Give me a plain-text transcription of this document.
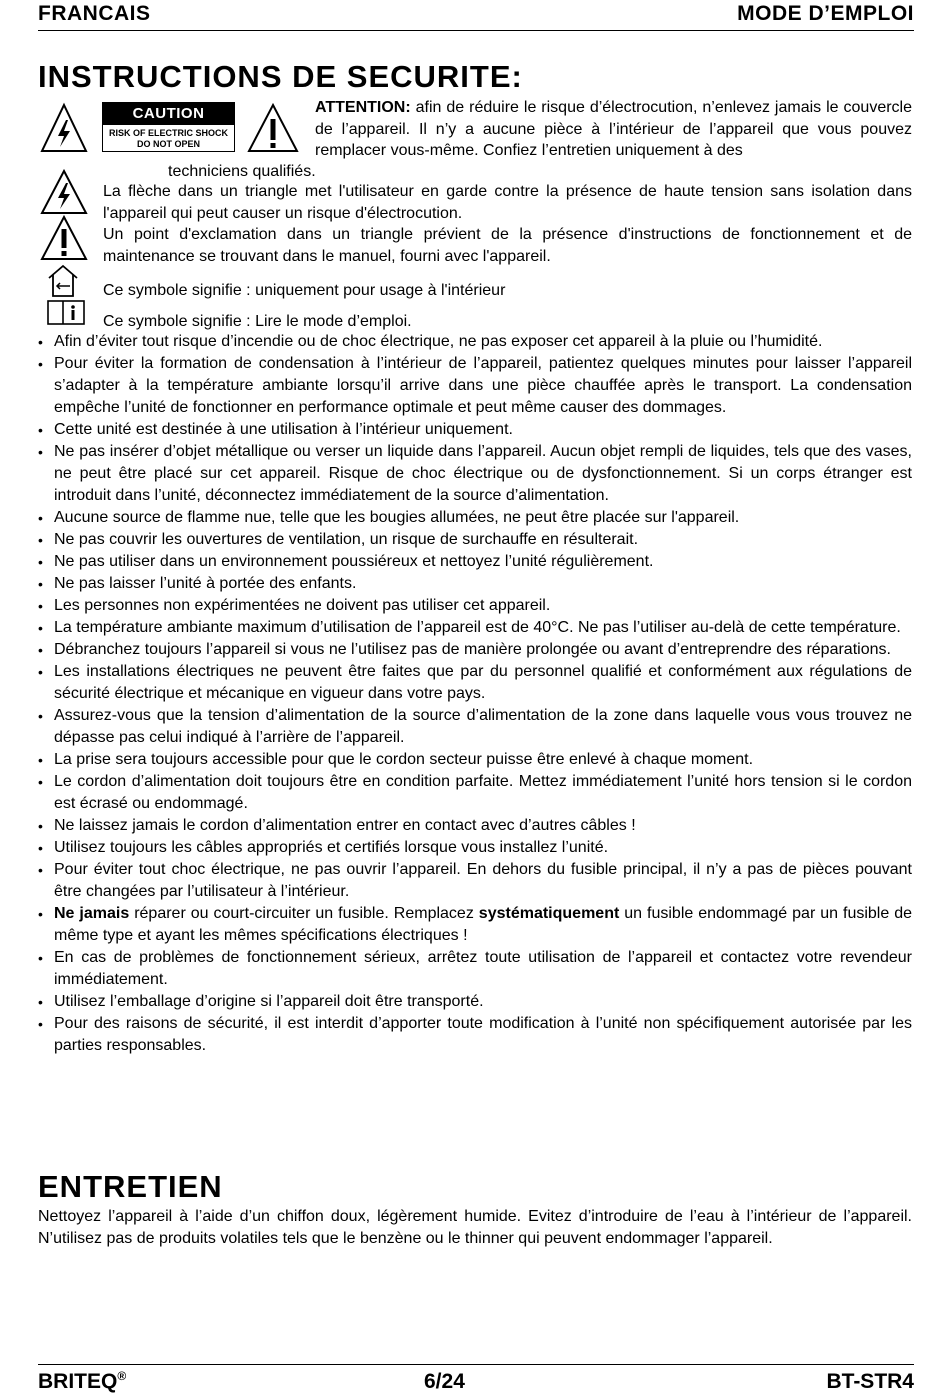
FRANCAIS	MODE D’EMPLOI
INSTRUCTIONS DE SECURITE:
CAUTION
RISK OF ELECTRIC SHOCK
DO NOT OPEN
ATTENTION: afin de réduire le risque d’électrocution, n’enlevez jamais le couvercle de l’appareil. Il n’y a aucune pièce à l’intérieur de l’appareil que vous pouvez remplacer vous-même. Confiez l’entretien uniquement à des
techniciens qualifiés.
La flèche dans un triangle met l'utilisateur en garde contre la présence de haute tension sans isolation dans l'appareil qui peut causer un risque d'électrocution.
Un point d'exclamation dans un triangle prévient de la présence d'instructions de fonctionnement et de maintenance se trouvant dans le manuel, fourni avec l'appareil.
Ce symbole signifie : uniquement pour usage à l'intérieur
Ce symbole signifie : Lire le mode d’emploi.
• Afin d’éviter tout risque d’incendie ou de choc électrique, ne pas exposer cet appareil à la pluie ou l’humidité.
• Pour éviter la formation de condensation à l’intérieur de l’appareil, patientez quelques minutes pour laisser l’appareil s’adapter à la température ambiante lorsqu’il arrive dans une pièce chauffée après le transport. La condensation empêche l’unité de fonctionner en performance optimale et peut même causer des dommages.
• Cette unité est destinée à une utilisation à l’intérieur uniquement.
• Ne pas insérer d’objet métallique ou verser un liquide dans l’appareil. Aucun objet rempli de liquides, tels que des vases, ne peut être placé sur cet appareil. Risque de choc électrique ou de dysfonctionnement. Si un corps étranger est introduit dans l’unité, déconnectez immédiatement de la source d’alimentation.
• Aucune source de flamme nue, telle que les bougies allumées, ne peut être placée sur l'appareil.
• Ne pas couvrir les ouvertures de ventilation, un risque de surchauffe en résulterait.
• Ne pas utiliser dans un environnement poussiéreux et nettoyez l’unité régulièrement.
• Ne pas laisser l’unité à portée des enfants.
• Les personnes non expérimentées ne doivent pas utiliser cet appareil.
• La température ambiante maximum d’utilisation de l’appareil est de 40°C. Ne pas l’utiliser au-delà de cette température.
• Débranchez toujours l’appareil si vous ne l’utilisez pas de manière prolongée ou avant d’entreprendre des réparations.
• Les installations électriques ne peuvent être faites que par du personnel qualifié et conformément aux régulations de sécurité électrique et mécanique en vigueur dans votre pays.
• Assurez-vous que la tension d’alimentation de la source d’alimentation de la zone dans laquelle vous vous trouvez ne dépasse pas celui indiqué à l’arrière de l’appareil.
• La prise sera toujours accessible pour que le cordon secteur puisse être enlevé à chaque moment.
• Le cordon d’alimentation doit toujours être en condition parfaite. Mettez immédiatement l’unité hors tension si le cordon est écrasé ou endommagé.
• Ne laissez jamais le cordon d’alimentation entrer en contact avec d’autres câbles !
• Utilisez toujours les câbles appropriés et certifiés lorsque vous installez l’unité.
• Pour éviter tout choc électrique, ne pas ouvrir l’appareil. En dehors du fusible principal, il n’y a pas de pièces pouvant être changées par l’utilisateur à l’intérieur.
• Ne jamais réparer ou court-circuiter un fusible. Remplacez systématiquement un fusible endommagé par un fusible de même type et ayant les mêmes spécifications électriques !
• En cas de problèmes de fonctionnement sérieux, arrêtez toute utilisation de l’appareil et contactez votre revendeur immédiatement.
• Utilisez l’emballage d’origine si l’appareil doit être transporté.
• Pour des raisons de sécurité, il est interdit d’apporter toute modification à l’unité non spécifiquement autorisée par les parties responsables.
ENTRETIEN
Nettoyez l’appareil à l’aide d’un chiffon doux, légèrement humide. Evitez d’introduire de l’eau à l’intérieur de l’appareil. N’utilisez pas de produits volatiles tels que le benzène ou le thinner qui peuvent endommager l’appareil.
BRITEQ®	6/24	BT-STR4
